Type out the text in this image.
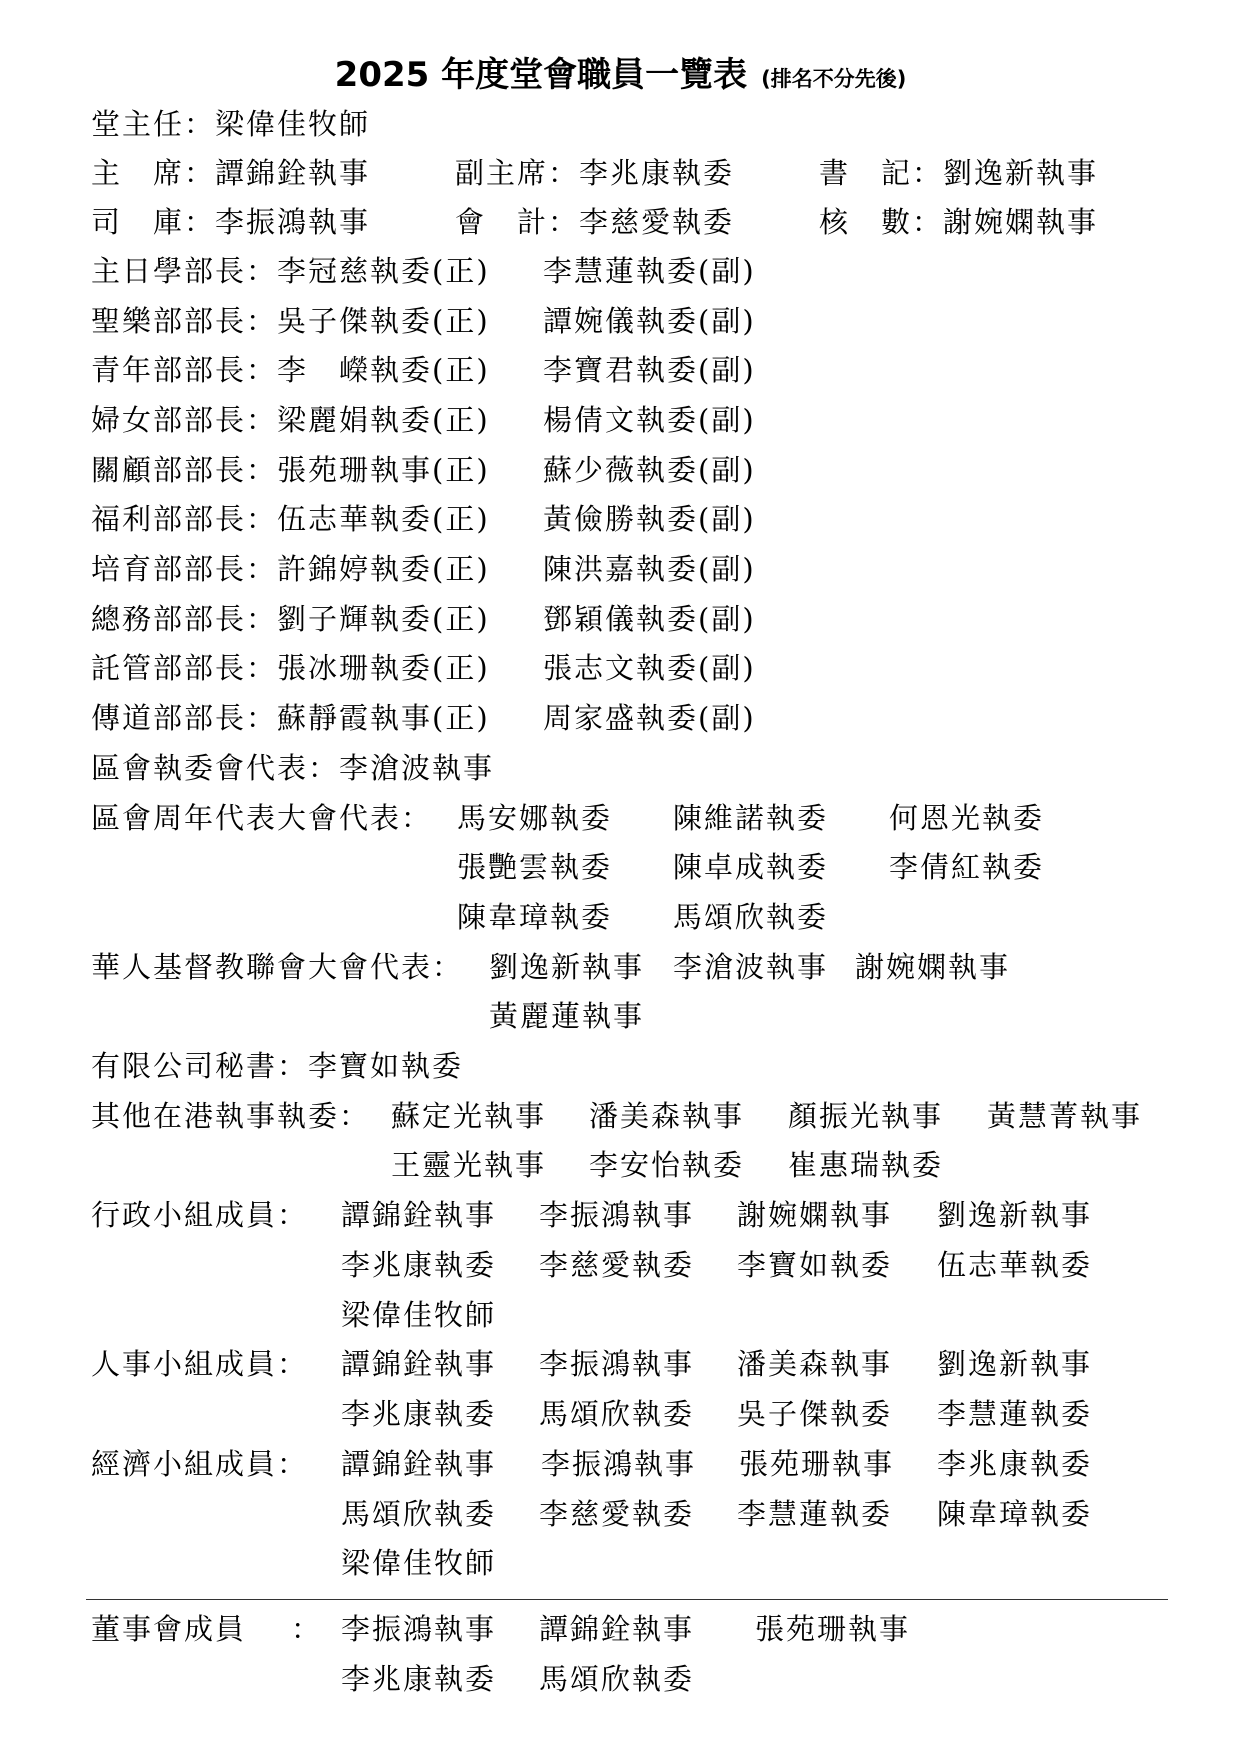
2025 年度堂會職員一覽表 (排名不分先後)
堂主任：梁偉佳牧師
主　席：譚錦銓執事	副主席：李兆康執委	書　記：劉逸新執事
司　庫：李振鴻執事	會　計：李慈愛執委	核　數：謝婉嫻執事
主日學部長：李冠慈執委(正) 李慧蓮執委(副)
聖樂部部長：吳子傑執委(正) 譚婉儀執委(副)
青年部部長：李　嶸執委(正) 李寶君執委(副)
婦女部部長：梁麗娟執委(正) 楊倩文執委(副)
關顧部部長：張苑珊執事(正) 蘇少薇執委(副)
福利部部長：伍志華執委(正) 黃儉勝執委(副)
培育部部長：許錦婷執委(正) 陳洪嘉執委(副)
總務部部長：劉子輝執委(正) 鄧穎儀執委(副)
託管部部長：張冰珊執委(正) 張志文執委(副)
傳道部部長：蘇靜霞執事(正) 周家盛執委(副)
區會執委會代表：李滄波執事
區會周年代表大會代表： 馬安娜執委 陳維諾執委 何恩光執委
張艷雲執委 陳卓成執委 李倩紅執委
陳韋璋執委 馬頌欣執委
華人基督教聯會大會代表： 劉逸新執事 李滄波執事 謝婉嫻執事
黃麗蓮執事
有限公司秘書：李寶如執委
其他在港執事執委： 蘇定光執事 潘美森執事 顏振光執事 黃慧菁執事
王靈光執事 李安怡執委 崔惠瑞執委
行政小組成員： 譚錦銓執事 李振鴻執事 謝婉嫻執事 劉逸新執事
李兆康執委 李慈愛執委 李寶如執委 伍志華執委
梁偉佳牧師
人事小組成員： 譚錦銓執事 李振鴻執事 潘美森執事 劉逸新執事
李兆康執委 馬頌欣執委 吳子傑執委 李慧蓮執委
經濟小組成員： 譚錦銓執事 李振鴻執事 張苑珊執事 李兆康執委
馬頌欣執委 李慈愛執委 李慧蓮執委 陳韋璋執委
梁偉佳牧師
董事會成員 ： 李振鴻執事 譚錦銓執事 張苑珊執事
李兆康執委 馬頌欣執委
